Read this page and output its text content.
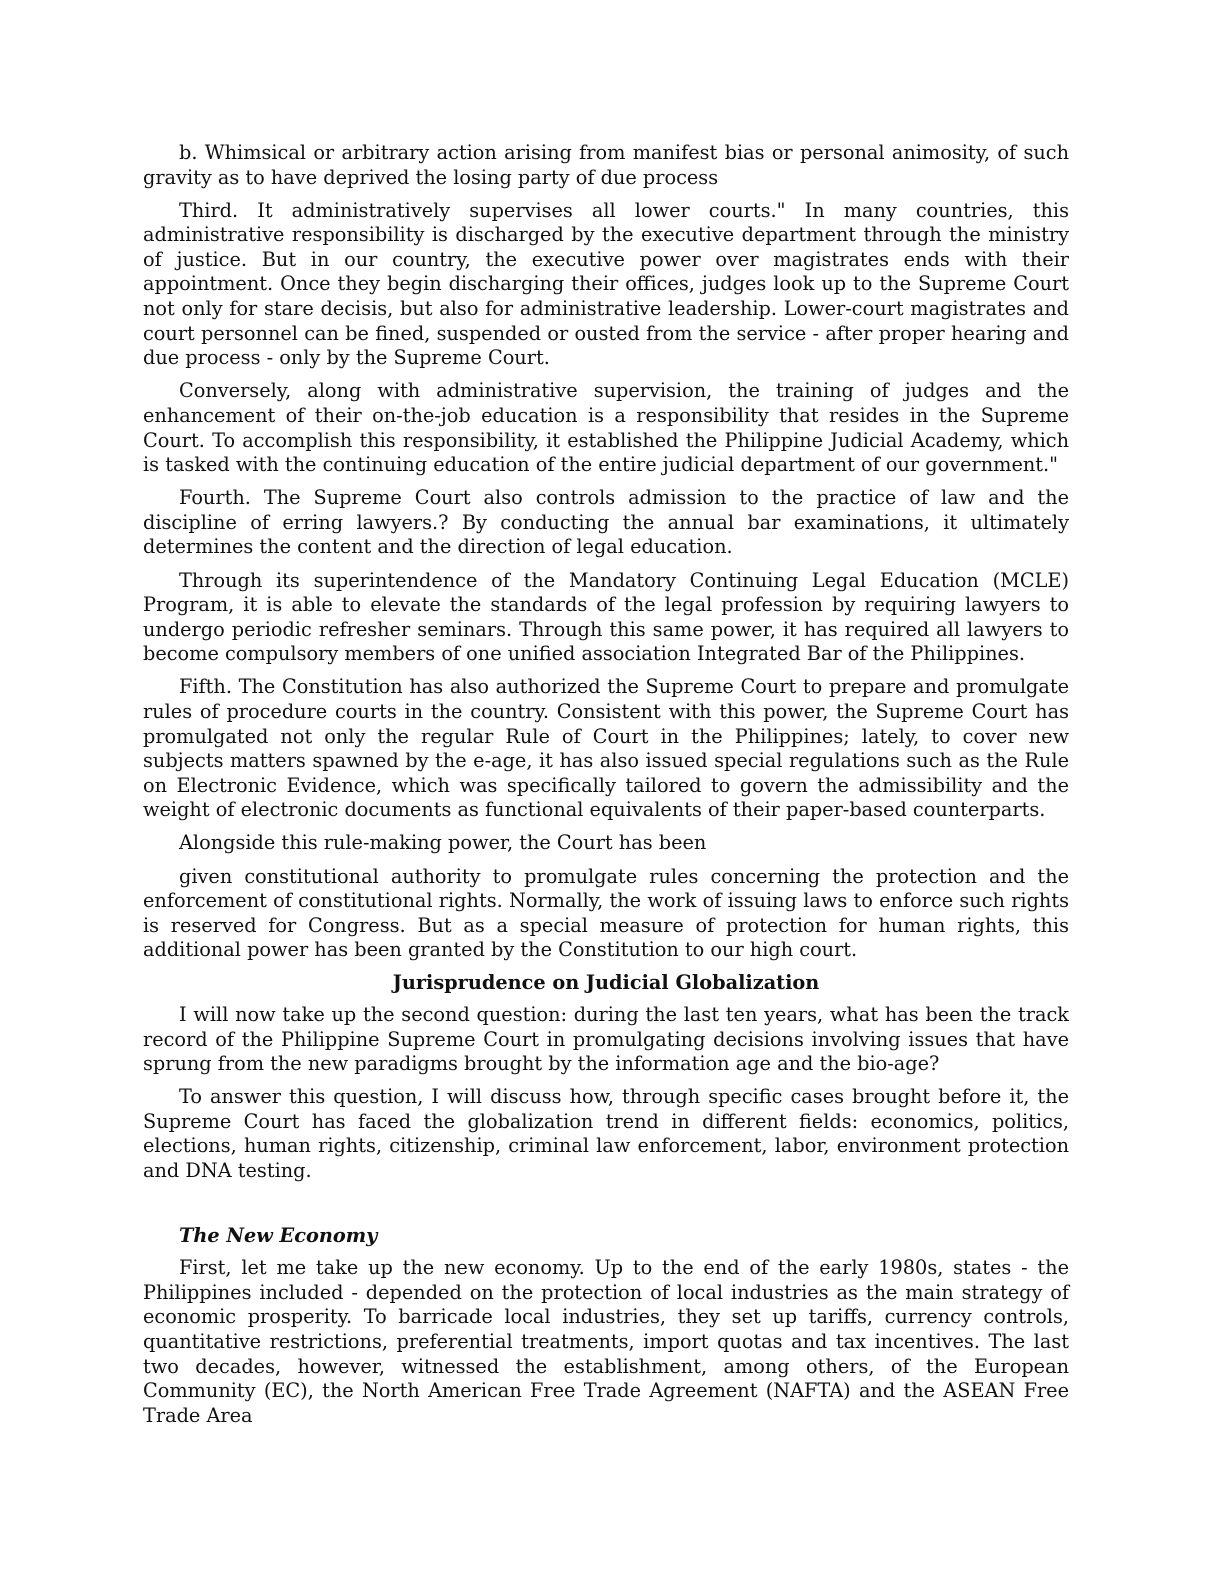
b. Whimsical or arbitrary action arising from manifest bias or personal animosity, of such gravity as to have deprived the losing party of due process

Third. It administratively supervises all lower courts." In many countries, this administrative responsibility is discharged by the executive department through the ministry of justice. But in our country, the executive power over magistrates ends with their appointment. Once they begin discharging their offices, judges look up to the Supreme Court not only for stare decisis, but also for administrative leadership. Lower-court magistrates and court personnel can be fined, suspended or ousted from the service - after proper hearing and due process - only by the Supreme Court.

Conversely, along with administrative supervision, the training of judges and the enhancement of their on-the-job education is a responsibility that resides in the Supreme Court. To accomplish this responsibility, it established the Philippine Judicial Academy, which is tasked with the continuing education of the entire judicial department of our government."

Fourth. The Supreme Court also controls admission to the practice of law and the discipline of erring lawyers.? By conducting the annual bar examinations, it ultimately determines the content and the direction of legal education.

Through its superintendence of the Mandatory Continuing Legal Education (MCLE) Program, it is able to elevate the standards of the legal profession by requiring lawyers to undergo periodic refresher seminars. Through this same power, it has required all lawyers to become compulsory members of one unified association Integrated Bar of the Philippines.

Fifth. The Constitution has also authorized the Supreme Court to prepare and promulgate rules of procedure courts in the country. Consistent with this power, the Supreme Court has promulgated not only the regular Rule of Court in the Philippines; lately, to cover new subjects matters spawned by the e-age, it has also issued special regulations such as the Rule on Electronic Evidence, which was specifically tailored to govern the admissibility and the weight of electronic documents as functional equivalents of their paper-based counterparts.

Alongside this rule-making power, the Court has been

given constitutional authority to promulgate rules concerning the protection and the enforcement of constitutional rights. Normally, the work of issuing laws to enforce such rights is reserved for Congress. But as a special measure of protection for human rights, this additional power has been granted by the Constitution to our high court.

Jurisprudence on Judicial Globalization

I will now take up the second question: during the last ten years, what has been the track record of the Philippine Supreme Court in promulgating decisions involving issues that have sprung from the new paradigms brought by the information age and the bio-age?

To answer this question, I will discuss how, through specific cases brought before it, the Supreme Court has faced the globalization trend in different fields: economics, politics, elections, human rights, citizenship, criminal law enforcement, labor, environment protection and DNA testing.

The New Economy

First, let me take up the new economy. Up to the end of the early 1980s, states - the Philippines included - depended on the protection of local industries as the main strategy of economic prosperity. To barricade local industries, they set up tariffs, currency controls, quantitative restrictions, preferential treatments, import quotas and tax incentives. The last two decades, however, witnessed the establishment, among others, of the European Community (EC), the North American Free Trade Agreement (NAFTA) and the ASEAN Free Trade Area
